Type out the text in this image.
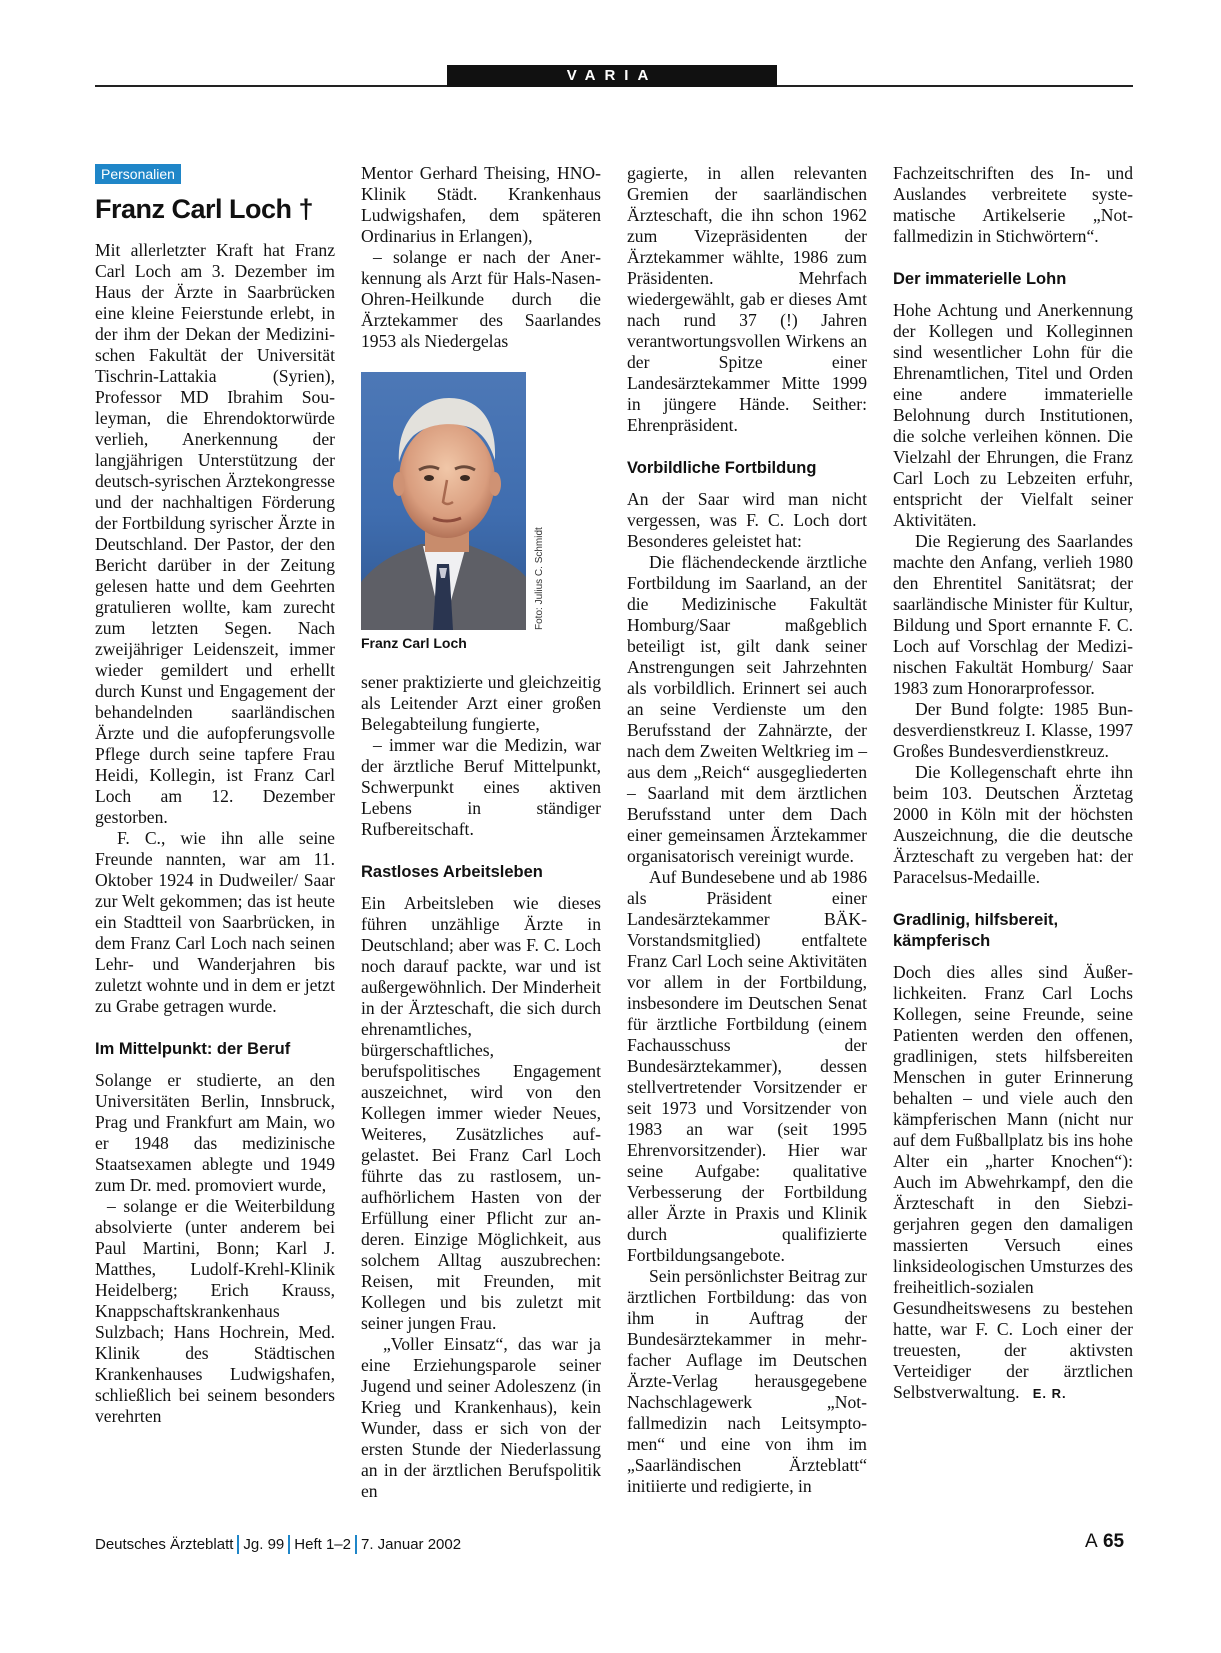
VARIA
Personalien
Franz Carl Loch †

Mit allerletzter Kraft hat Franz Carl Loch am 3. Dezember im Haus der Ärzte in Saarbrücken eine kleine Feierstunde erlebt, in der ihm der Dekan der Medizinischen Fakultät der Universität Tischrin-Lattakia (Syrien), Professor MD Ibrahim Souleyman, die Ehrendoktorwürde verlieh, Anerkennung der langjährigen Unterstützung der deutsch-syrischen Ärztekongresse und der nachhaltigen Förderung der Fortbildung syrischer Ärzte in Deutschland. Der Pastor, der den Bericht darüber in der Zeitung gelesen hatte und dem Geehrten gratulieren wollte, kam zurecht zum letzten Segen. Nach zweijähriger Leidenszeit, immer wieder gemildert und erhellt durch Kunst und Engagement der behandelnden saarländischen Ärzte und die aufopferungsvolle Pflege durch seine tapfere Frau Heidi, Kollegin, ist Franz Carl Loch am 12. Dezember gestorben.

F. C., wie ihn alle seine Freunde nannten, war am 11. Oktober 1924 in Dudweiler/ Saar zur Welt gekommen; das ist heute ein Stadtteil von Saarbrücken, in dem Franz Carl Loch nach seinen Lehr- und Wanderjahren bis zuletzt wohnte und in dem er jetzt zu Grabe getragen wurde.

Im Mittelpunkt: der Beruf

Solange er studierte, an den Universitäten Berlin, Innsbruck, Prag und Frankfurt am Main, wo er 1948 das medizinische Staatsexamen ablegte und 1949 zum Dr. med. promoviert wurde,

– solange er die Weiterbildung absolvierte (unter anderem bei Paul Martini, Bonn; Karl J. Matthes, Ludolf-Krehl-Klinik Heidelberg; Erich Krauss, Knappschaftskrankenhaus Sulzbach; Hans Hochrein, Med. Klinik des Städtischen Krankenhauses Ludwigshafen, schließlich bei seinem besonders verehrten

Mentor Gerhard Theising, HNO-Klinik Städt. Krankenhaus Ludwigshafen, dem späteren Ordinarius in Erlangen),

– solange er nach der Anerkennung als Arzt für Hals-Nasen-Ohren-Heilkunde durch die Ärztekammer des Saarlandes 1953 als Niedergelas

Foto: Julius C. Schmidt
Franz Carl Loch

sener praktizierte und gleichzeitig als Leitender Arzt einer großen Belegabteilung fungierte,

– immer war die Medizin, war der ärztliche Beruf Mittelpunkt, Schwerpunkt eines aktiven Lebens in ständiger Rufbereitschaft.

Rastloses Arbeitsleben

Ein Arbeitsleben wie dieses führen unzählige Ärzte in Deutschland; aber was F. C. Loch noch darauf packte, war und ist außergewöhnlich. Der Minderheit in der Ärzteschaft, die sich durch ehrenamtliches, bürgerschaftliches, berufspolitisches Engagement auszeichnet, wird von den Kollegen immer wieder Neues, Weiteres, Zusätzliches aufgelastet. Bei Franz Carl Loch führte das zu rastlosem, unaufhörlichem Hasten von der Erfüllung einer Pflicht zur anderen. Einzige Möglichkeit, aus solchem Alltag auszubrechen: Reisen, mit Freunden, mit Kollegen und bis zuletzt mit seiner jungen Frau.

„Voller Einsatz“, das war ja eine Erziehungsparole seiner Jugend und seiner Adoleszenz (in Krieg und Krankenhaus), kein Wunder, dass er sich von der ersten Stunde der Niederlassung an in der ärztlichen Berufspolitik en

gagierte, in allen relevanten Gremien der saarländischen Ärzteschaft, die ihn schon 1962 zum Vizepräsidenten der Ärztekammer wählte, 1986 zum Präsidenten. Mehrfach wiedergewählt, gab er dieses Amt nach rund 37 (!) Jahren verantwortungsvollen Wirkens an der Spitze einer Landesärztekammer Mitte 1999 in jüngere Hände. Seither: Ehrenpräsident.

Vorbildliche Fortbildung

An der Saar wird man nicht vergessen, was F. C. Loch dort Besonderes geleistet hat:

Die flächendeckende ärztliche Fortbildung im Saarland, an der die Medizinische Fakultät Homburg/Saar maßgeblich beteiligt ist, gilt dank seiner Anstrengungen seit Jahrzehnten als vorbildlich. Erinnert sei auch an seine Verdienste um den Berufsstand der Zahnärzte, der nach dem Zweiten Weltkrieg im – aus dem „Reich“ ausgegliederten – Saarland mit dem ärztlichen Berufsstand unter dem Dach einer gemeinsamen Ärztekammer organisatorisch vereinigt wurde.

Auf Bundesebene und ab 1986 als Präsident einer Landesärztekammer BÄK-Vorstandsmitglied) entfaltete Franz Carl Loch seine Aktivitäten vor allem in der Fortbildung, insbesondere im Deutschen Senat für ärztliche Fortbildung (einem Fachausschuss der Bundesärztekammer), dessen stellvertretender Vorsitzender er seit 1973 und Vorsitzender von 1983 an war (seit 1995 Ehrenvorsitzender). Hier war seine Aufgabe: qualitative Verbesserung der Fortbildung aller Ärzte in Praxis und Klinik durch qualifizierte Fortbildungsangebote.

Sein persönlichster Beitrag zur ärztlichen Fortbildung: das von ihm in Auftrag der Bundesärztekammer in mehrfacher Auflage im Deutschen Ärzte-Verlag herausgegebene Nachschlagewerk „Notfallmedizin nach Leitsymptomen“ und eine von ihm im „Saarländischen Ärzteblatt“ initiierte und redigierte, in

Fachzeitschriften des In- und Auslandes verbreitete systematische Artikelserie „Notfallmedizin in Stichwörtern“.

Der immaterielle Lohn

Hohe Achtung und Anerkennung der Kollegen und Kolleginnen sind wesentlicher Lohn für die Ehrenamtlichen, Titel und Orden eine andere immaterielle Belohnung durch Institutionen, die solche verleihen können. Die Vielzahl der Ehrungen, die Franz Carl Loch zu Lebzeiten erfuhr, entspricht der Vielfalt seiner Aktivitäten.

Die Regierung des Saarlandes machte den Anfang, verlieh 1980 den Ehrentitel Sanitätsrat; der saarländische Minister für Kultur, Bildung und Sport ernannte F. C. Loch auf Vorschlag der Medizinischen Fakultät Homburg/ Saar 1983 zum Honorarprofessor.

Der Bund folgte: 1985 Bundesverdienstkreuz I. Klasse, 1997 Großes Bundesverdienstkreuz.

Die Kollegenschaft ehrte ihn beim 103. Deutschen Ärztetag 2000 in Köln mit der höchsten Auszeichnung, die die deutsche Ärzteschaft zu vergeben hat: der Paracelsus-Medaille.

Gradlinig, hilfsbereit, kämpferisch

Doch dies alles sind Äußerlichkeiten. Franz Carl Lochs Kollegen, seine Freunde, seine Patienten werden den offenen, gradlinigen, stets hilfsbereiten Menschen in guter Erinnerung behalten – und viele auch den kämpferischen Mann (nicht nur auf dem Fußballplatz bis ins hohe Alter ein „harter Knochen“): Auch im Abwehrkampf, den die Ärzteschaft in den Siebzigerjahren gegen den damaligen massierten Versuch eines linksideologischen Umsturzes des freiheitlich-sozialen Gesundheitswesens zu bestehen hatte, war F. C. Loch einer der treuesten, der aktivsten Verteidiger der ärztlichen Selbstverwaltung. E. R.

Deutsches Ärzteblatt Jg. 99 Heft 1–2 7. Januar 2002	A 65
